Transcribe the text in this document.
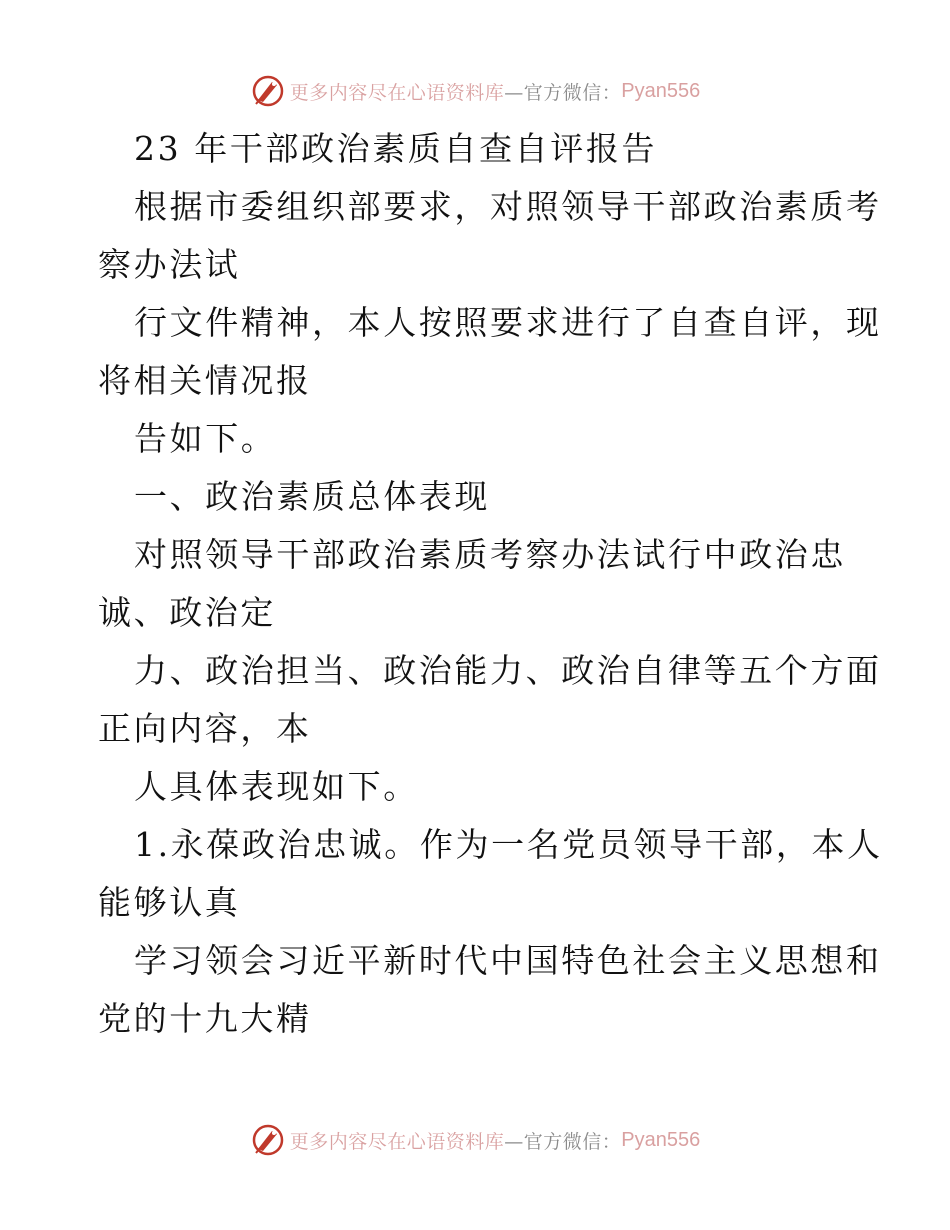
更多内容尽在心语资料库 —官方微信： Pyan556

23 年干部政治素质自查自评报告

根据市委组织部要求，对照领导干部政治素质考

察办法试

行文件精神，本人按照要求进行了自查自评，现

将相关情况报

告如下。

一、政治素质总体表现

对照领导干部政治素质考察办法试行中政治忠

诚、政治定

力、政治担当、政治能力、政治自律等五个方面

正向内容，本

人具体表现如下。

1.永葆政治忠诚。作为一名党员领导干部，本人

能够认真

学习领会习近平新时代中国特色社会主义思想和

党的十九大精

更多内容尽在心语资料库 —官方微信： Pyan556
